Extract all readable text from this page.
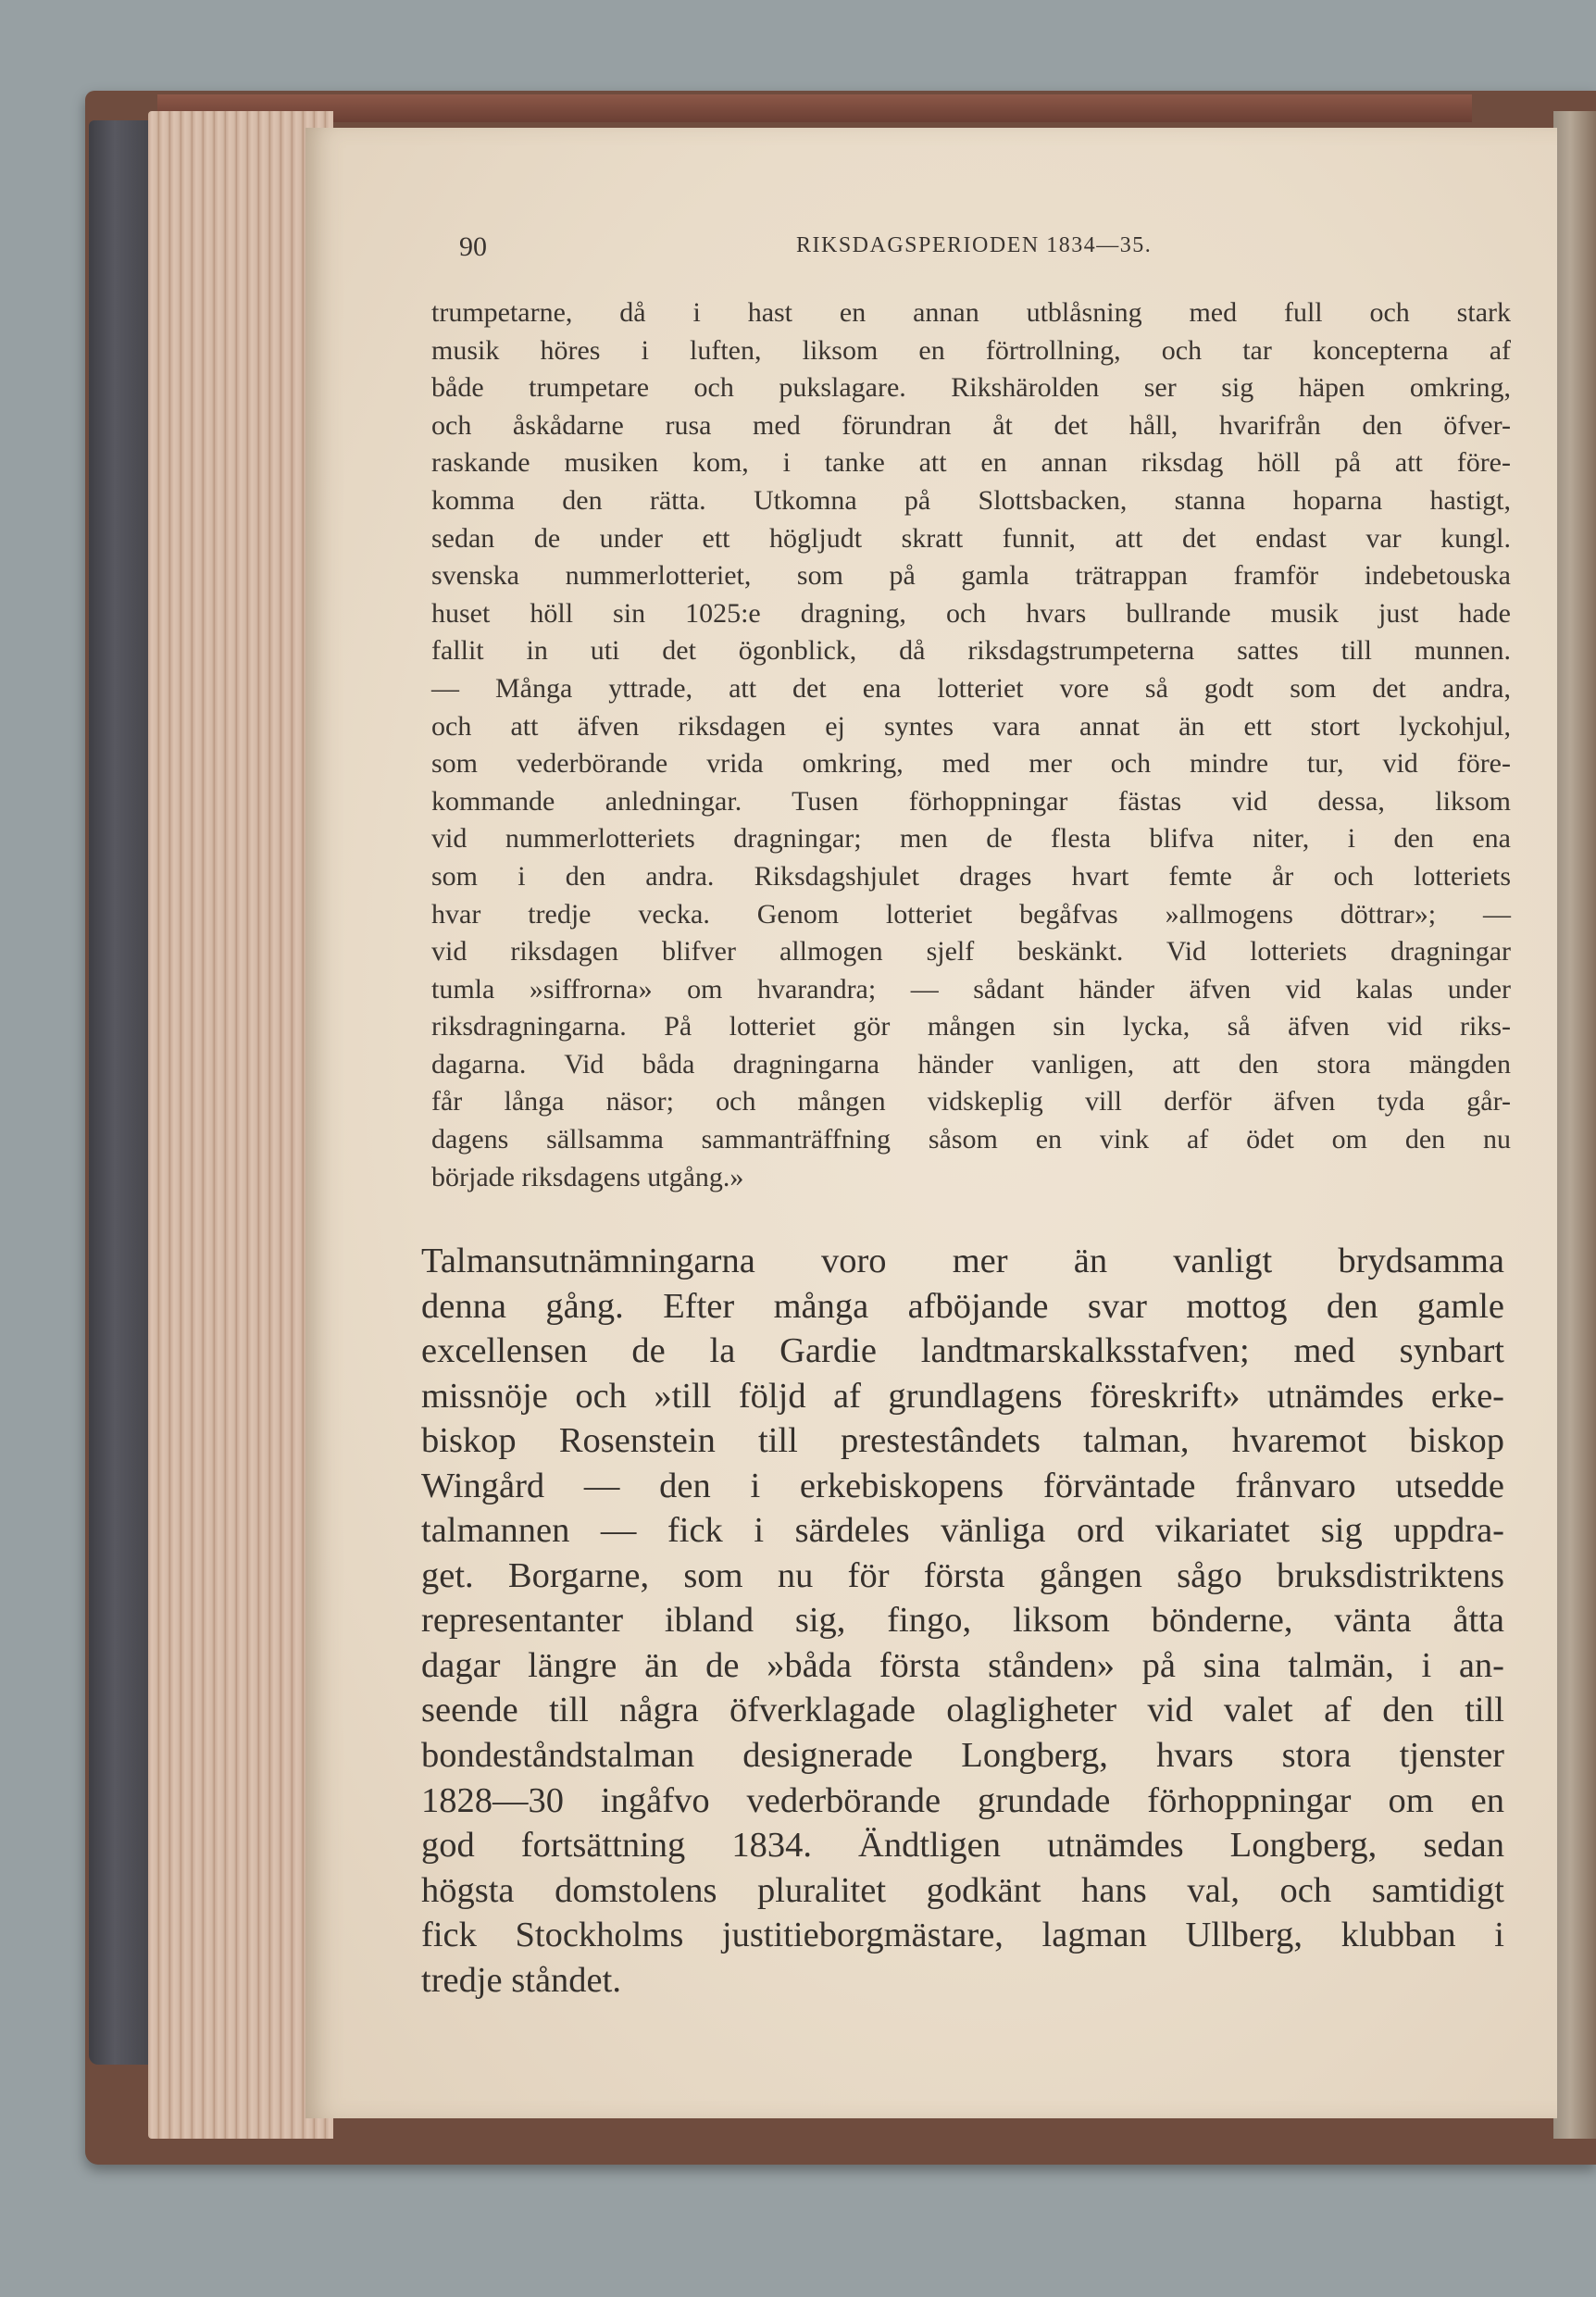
90	RIKSDAGSPERIODEN 1834—35.
trumpetarne, då i hast en annan utblåsning med full och stark
musik höres i luften, liksom en förtrollning, och tar koncepterna af
både trumpetare och pukslagare. Rikshärolden ser sig häpen omkring,
och åskådarne rusa med förundran åt det håll, hvarifrån den öfver-
raskande musiken kom, i tanke att en annan riksdag höll på att före-
komma den rätta. Utkomna på Slottsbacken, stanna hoparna hastigt,
sedan de under ett högljudt skratt funnit, att det endast var kungl.
svenska nummerlotteriet, som på gamla trätrappan framför indebetouska
huset höll sin 1025:e dragning, och hvars bullrande musik just hade
fallit in uti det ögonblick, då riksdagstrumpeterna sattes till munnen.
— Många yttrade, att det ena lotteriet vore så godt som det andra,
och att äfven riksdagen ej syntes vara annat än ett stort lyckohjul,
som vederbörande vrida omkring, med mer och mindre tur, vid före-
kommande anledningar. Tusen förhoppningar fästas vid dessa, liksom
vid nummerlotteriets dragningar; men de flesta blifva niter, i den ena
som i den andra. Riksdagshjulet drages hvart femte år och lotteriets
hvar tredje vecka. Genom lotteriet begåfvas »allmogens döttrar»; —
vid riksdagen blifver allmogen sjelf beskänkt. Vid lotteriets dragningar
tumla »siffrorna» om hvarandra; — sådant händer äfven vid kalas under
riksdragningarna. På lotteriet gör mången sin lycka, så äfven vid riks-
dagarna. Vid båda dragningarna händer vanligen, att den stora mängden
får långa näsor; och mången vidskeplig vill derför äfven tyda går-
dagens sällsamma sammanträffning såsom en vink af ödet om den nu
började riksdagens utgång.»
Talmansutnämningarna voro mer än vanligt brydsamma
denna gång. Efter många afböjande svar mottog den gamle
excellensen de la Gardie landtmarskalksstafven; med synbart
missnöje och »till följd af grundlagens föreskrift» utnämdes erke-
biskop Rosenstein till prestestândets talman, hvaremot biskop
Wingård — den i erkebiskopens förväntade frånvaro utsedde
talmannen — fick i särdeles vänliga ord vikariatet sig uppdra-
get. Borgarne, som nu för första gången sågo bruksdistriktens
representanter ibland sig, fingo, liksom bönderne, vänta åtta
dagar längre än de »båda första stånden» på sina talmän, i an-
seende till några öfverklagade olagligheter vid valet af den till
bondeståndstalman designerade Longberg, hvars stora tjenster
1828—30 ingåfvo vederbörande grundade förhoppningar om en
god fortsättning 1834. Ändtligen utnämdes Longberg, sedan
högsta domstolens pluralitet godkänt hans val, och samtidigt
fick Stockholms justitieborgmästare, lagman Ullberg, klubban i
tredje ståndet.
